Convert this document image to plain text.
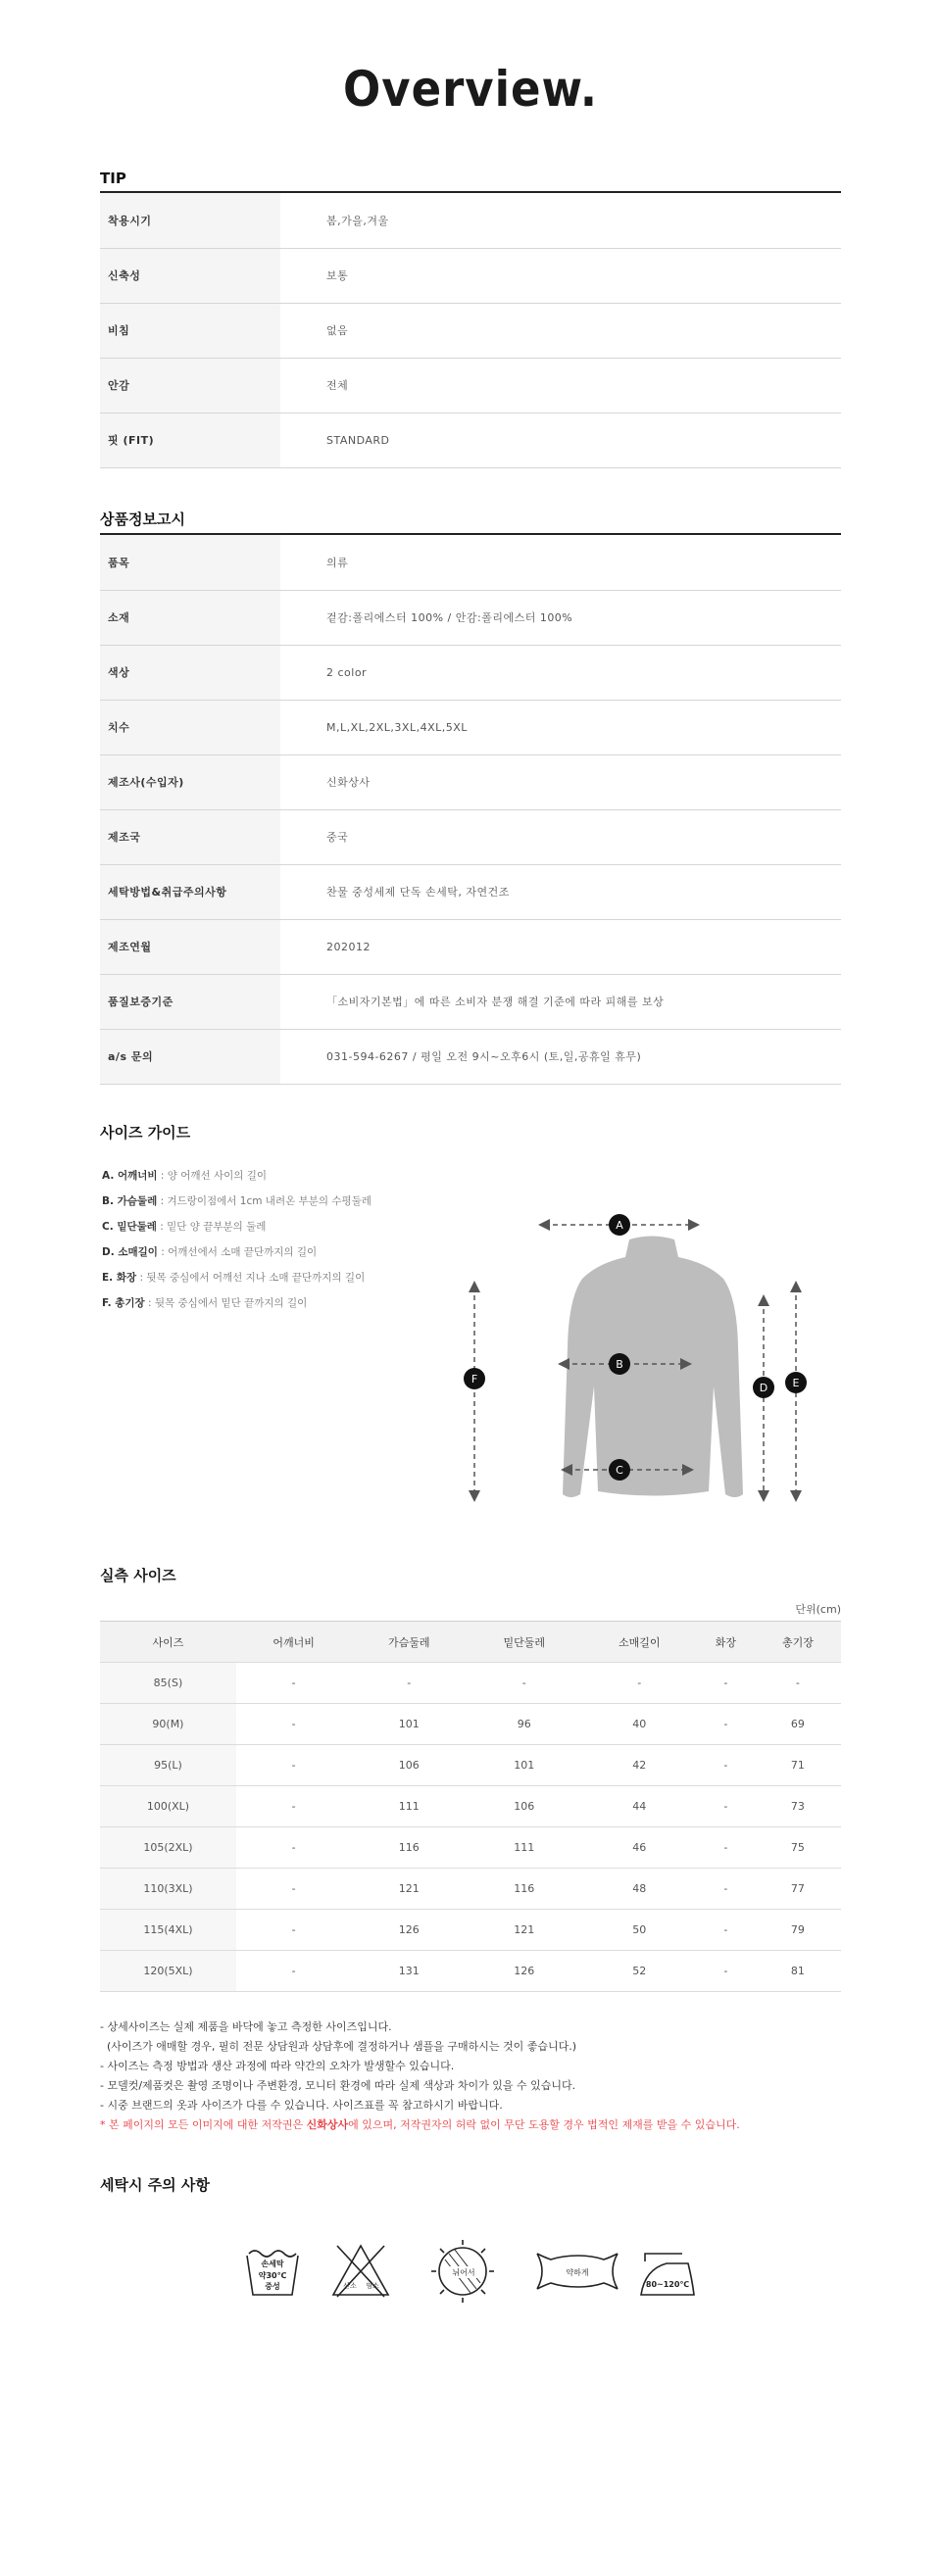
Overview.
TIP
착용시기	봄,가을,겨울
신축성	보통
비침	없음
안감	전체
핏 (FIT)	STANDARD
상품정보고시
품목	의류
소재	겉감:폴리에스터 100% / 안감:폴리에스터 100%
색상	2 color
치수	M,L,XL,2XL,3XL,4XL,5XL
제조사(수입자)	신화상사
제조국	중국
세탁방법&취급주의사항	찬물 중성세제 단독 손세탁, 자연건조
제조연월	202012
품질보증기준	「소비자기본법」에 따른 소비자 분쟁 해결 기준에 따라 피해를 보상
a/s 문의	031-594-6267 / 평일 오전 9시~오후6시 (토,일,공휴일 휴무)
사이즈 가이드
A. 어깨너비 : 양 어깨선 사이의 길이
B. 가슴둘레 : 겨드랑이점에서 1cm 내려온 부분의 수평둘레
C. 밑단둘레 : 밑단 양 끝부분의 둘레
D. 소매길이 : 어깨선에서 소매 끝단까지의 길이
E. 화장 : 뒷목 중심에서 어깨선 지나 소매 끝단까지의 길이
F. 총기장 : 뒷목 중심에서 밑단 끝까지의 길이
A
B
C
D E
F
실측 사이즈
단위(cm)
사이즈	어깨너비	가슴둘레	밑단둘레	소매길이	화장	총기장
85(S)	-	-	-	-	-	-
90(M)	-	101	96	40	-	69
95(L)	-	106	101	42	-	71
100(XL)	-	111	106	44	-	73
105(2XL)	-	116	111	46	-	75
110(3XL)	-	121	116	48	-	77
115(4XL)	-	126	121	50	-	79
120(5XL)	-	131	126	52	-	81

- 상세사이즈는 실제 제품을 바닥에 놓고 측정한 사이즈입니다.

(사이즈가 애매할 경우, 필히 전문 상담원과 상담후에 결정하거나 샘플을 구매하시는 것이 좋습니다.)

- 사이즈는 측정 방법과 생산 과정에 따라 약간의 오차가 발생할수 있습니다.

- 모델컷/제품컷은 촬영 조명이나 주변환경, 모니터 환경에 따라 실제 색상과 차이가 있을 수 있습니다.

- 시중 브랜드의 옷과 사이즈가 다를 수 있습니다. 사이즈표를 꼭 참고하시기 바랍니다.

* 본 페이지의 모든 이미지에 대한 저작권은 신화상사에 있으며, 저작권자의 허락 없이 무단 도용할 경우 법적인 제재를 받을 수 있습니다.

세탁시 주의 사항
손세탁
약30℃
중성	산소 염소
뉘어서	약하게
80~120℃
